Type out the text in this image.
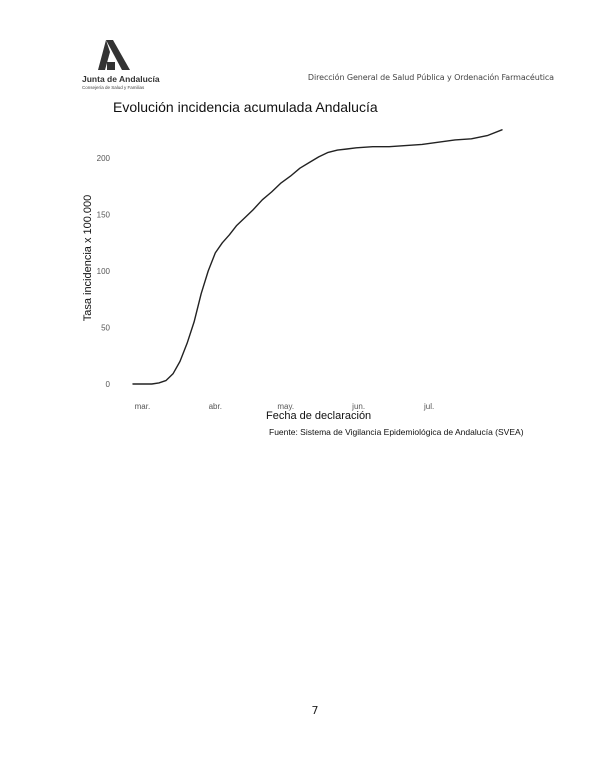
Junta de Andalucía
Consejería de Salud y Familias
Dirección General de Salud Pública y Ordenación Farmacéutica
Evolución incidencia acumulada Andalucía
Tasa incidencia x 100.000
0
50
100
150
200
mar.	abr.	may.	jun.	jul.
Fecha de declaración
Fuente: Sistema de Vigilancia Epidemiológica de Andalucía (SVEA)
7
